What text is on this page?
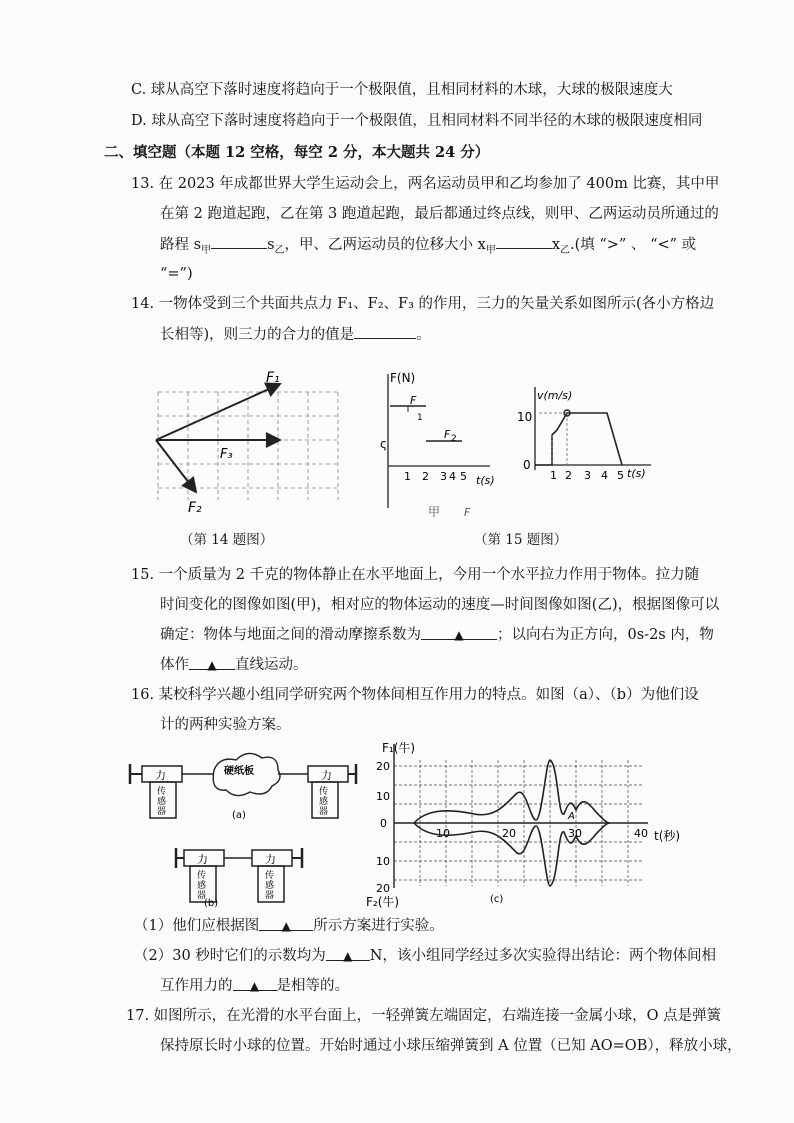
C. 球从高空下落时速度将趋向于一个极限值，且相同材料的木球，大球的极限速度大
D. 球从高空下落时速度将趋向于一个极限值，且相同材料不同半径的木球的极限速度相同
二、填空题（本题 12 空格，每空 2 分，本大题共 24 分）
13. 在 2023 年成都世界大学生运动会上，两名运动员甲和乙均参加了 400m 比赛，其中甲
在第 2 跑道起跑，乙在第 3 跑道起跑，最后都通过终点线，则甲、乙两运动员所通过的
路程 $s_甲$	$s_乙$，甲、乙两运动员的位移大小 $x_甲$	$x_乙$.(填 “>” 、 “<” 或
“=”)
14. 一物体受到三个共面共点力 F₁、F₂、F₃ 的作用，三力的矢量关系如图所示(各小方格边
长相等)，则三力的合力的值是	。
F₁
F₃
F₂
（第 14 题图）
F(N)
t(s)
F
1
F 2
ς
1 2 3 4 5
甲 F
v(m/s)
10
0
t(s)
1 2 3 4 5
（第 15 题图）
15. 一个质量为 2 千克的物体静止在水平地面上，今用一个水平拉力作用于物体。拉力随
时间变化的图像如图(甲)，相对应的物体运动的速度—时间图像如图(乙)，根据图像可以
确定：物体与地面之间的滑动摩擦系数为	▲ ；以向右为正方向，0s-2s 内，物
体作 ▲ 直线运动。
16. 某校科学兴趣小组同学研究两个物体间相互作用力的特点。如图（a）、（b）为他们设
计的两种实验方案。
力
传
感
器
硬纸板	力
传
感
器
(a)
力
传
感
器
力
传
感
器
(b)
F₁(牛)
F₂(牛)
t(秒)
20
10
0
10
20
10	20	30	40
A
(c)
（1）他们应根据图 ▲ 所示方案进行实验。
（2）30 秒时它们的示数均为 ▲ N，该小组同学经过多次实验得出结论：两个物体间相
互作用力的 ▲ 是相等的。
17. 如图所示，在光滑的水平台面上，一轻弹簧左端固定，右端连接一金属小球，O 点是弹簧
保持原长时小球的位置。开始时通过小球压缩弹簧到 A 位置（已知 AO=OB），释放小球，
